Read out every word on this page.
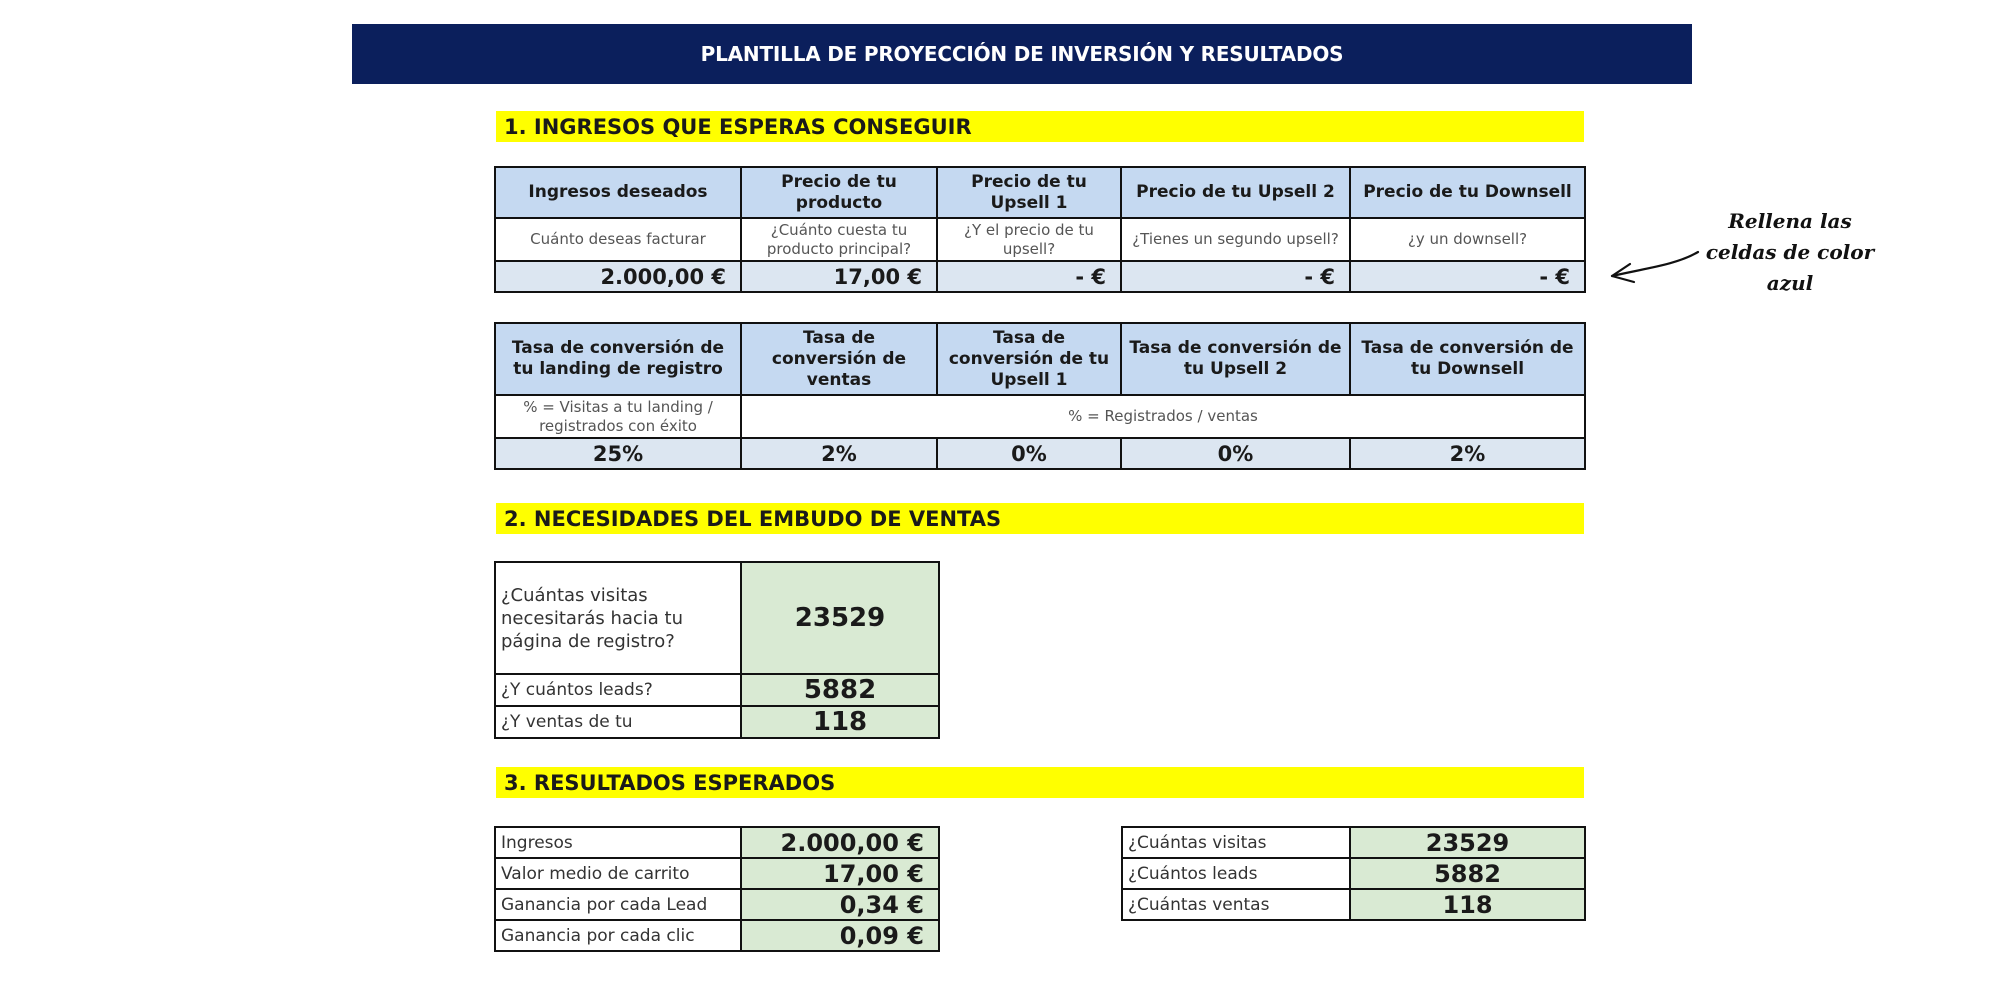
PLANTILLA DE PROYECCIÓN DE INVERSIÓN Y RESULTADOS
1. INGRESOS QUE ESPERAS CONSEGUIR
Ingresos deseados	Precio de tu producto	Precio de tu Upsell 1	Precio de tu Upsell 2	Precio de tu Downsell
Cuánto deseas facturar	¿Cuánto cuesta tu producto principal?	¿Y el precio de tu upsell?	¿Tienes un segundo upsell?	¿y un downsell?
2.000,00 €	17,00 €	- €	- €	- €
Tasa de conversión de tu landing de registro	Tasa de conversión de ventas	Tasa de conversión de tu Upsell 1	Tasa de conversión de tu Upsell 2	Tasa de conversión de tu Downsell
% = Visitas a tu landing / registrados con éxito	% = Registrados / ventas			
25%	2%	0%	0%	2%
2. NECESIDADES DEL EMBUDO DE VENTAS
¿Cuántas visitas necesitarás hacia tu página de registro?	23529
¿Y cuántos leads?	5882
¿Y ventas de tu	118
3. RESULTADOS ESPERADOS
Ingresos	2.000,00 €
Valor medio de carrito	17,00 €
Ganancia por cada Lead	0,34 €
Ganancia por cada clic	0,09 €
¿Cuántas visitas	23529
¿Cuántos leads	5882
¿Cuántas ventas	118
Rellena las celdas de color azul
